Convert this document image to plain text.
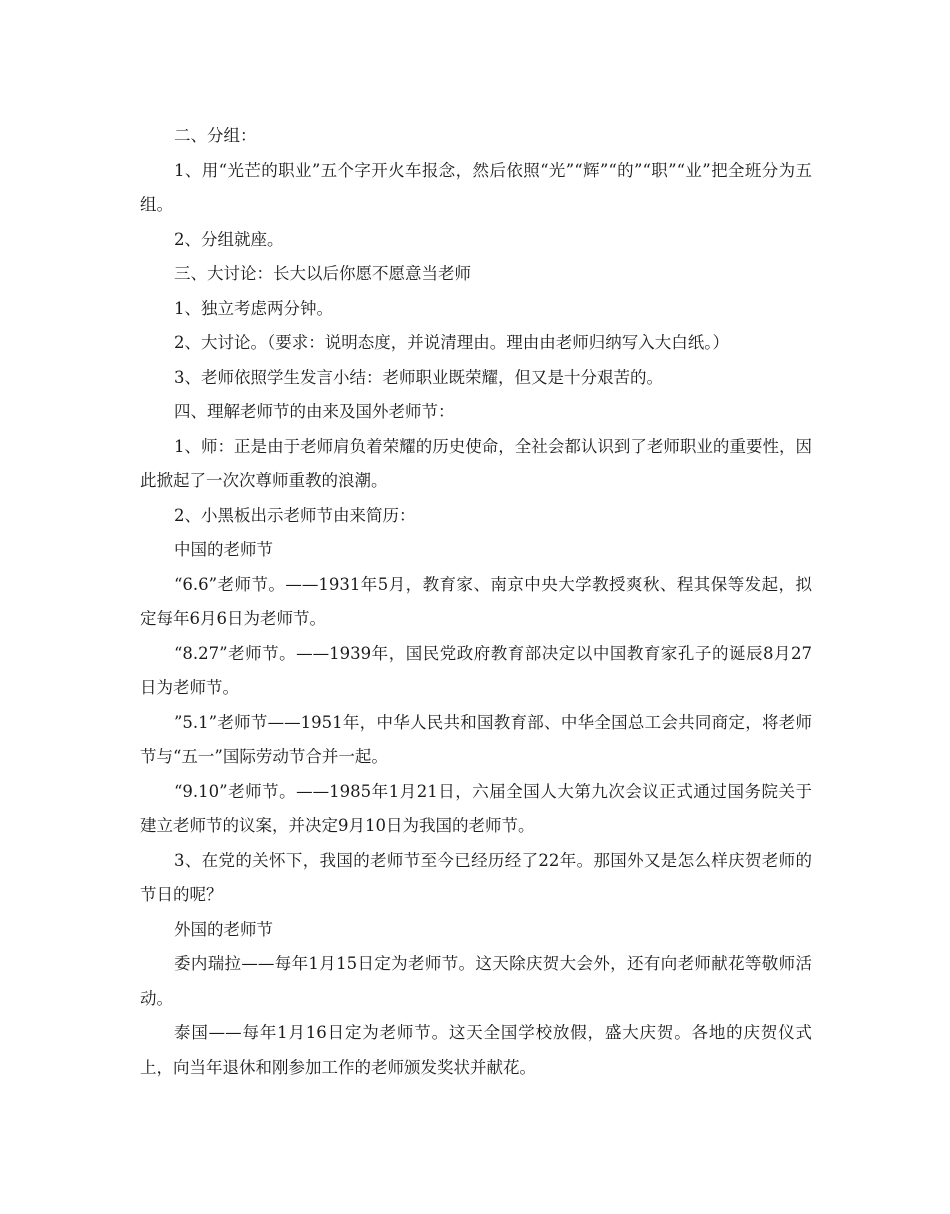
二、分组：

1、用“光芒的职业”五个字开火车报念，然后依照“光”“辉”“的”“职”“业”把全班分为五组。

2、分组就座。

三、大讨论：长大以后你愿不愿意当老师

1、独立考虑两分钟。

2、大讨论。（要求：说明态度，并说清理由。理由由老师归纳写入大白纸。）

3、老师依照学生发言小结：老师职业既荣耀，但又是十分艰苦的。

四、理解老师节的由来及国外老师节：

1、师：正是由于老师肩负着荣耀的历史使命，全社会都认识到了老师职业的重要性，因此掀起了一次次尊师重教的浪潮。

2、小黑板出示老师节由来简历：

中国的老师节

“6.6”老师节。——1931年5月，教育家、南京中央大学教授爽秋、程其保等发起，拟定每年6月6日为老师节。

“8.27”老师节。——1939年，国民党政府教育部决定以中国教育家孔子的诞辰8月27日为老师节。

”5.1”老师节——1951年，中华人民共和国教育部、中华全国总工会共同商定，将老师节与“五一”国际劳动节合并一起。

“9.10”老师节。——1985年1月21日，六届全国人大第九次会议正式通过国务院关于建立老师节的议案，并决定9月10日为我国的老师节。

3、在党的关怀下，我国的老师节至今已经历经了22年。那国外又是怎么样庆贺老师的节日的呢？

外国的老师节

委内瑞拉——每年1月15日定为老师节。这天除庆贺大会外，还有向老师献花等敬师活动。

泰国——每年1月16日定为老师节。这天全国学校放假，盛大庆贺。各地的庆贺仪式上，向当年退休和刚参加工作的老师颁发奖状并献花。
